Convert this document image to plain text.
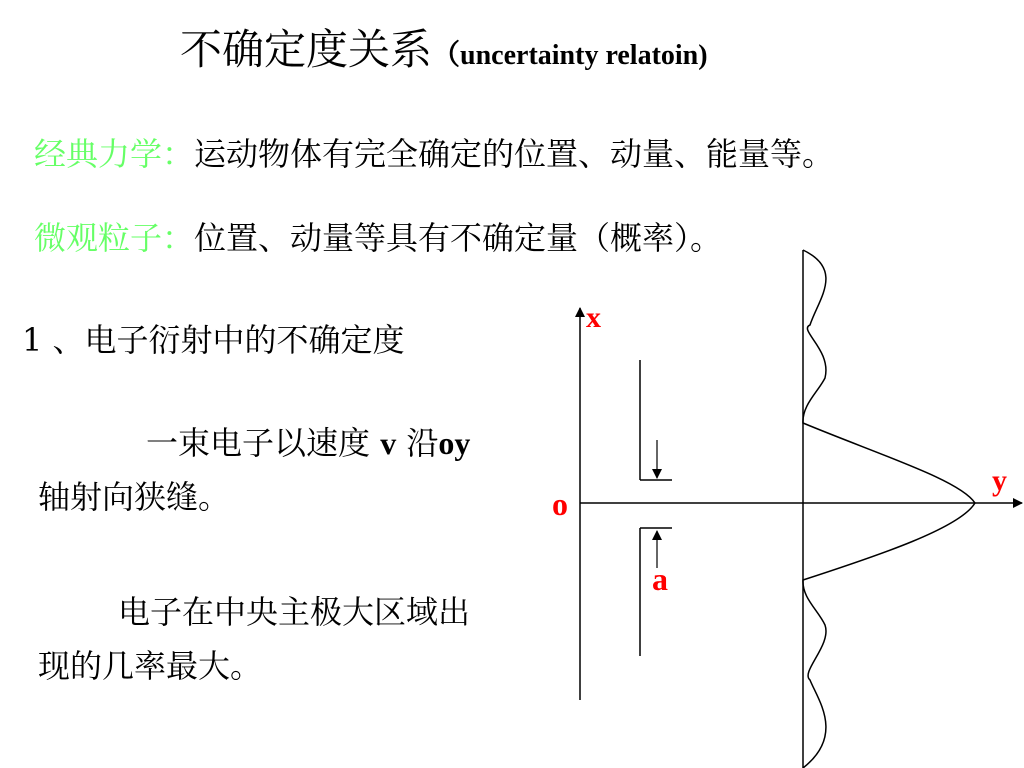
不确定度关系（uncertainty relatoin)
经典力学：运动物体有完全确定的位置、动量、能量等。
微观粒子：位置、动量等具有不确定量（概率）。
1 、电子衍射中的不确定度
一束电子以速度 v 沿oy 轴射向狭缝。
电子在中央主极大区域出现的几率最大。
x
y
o
a
